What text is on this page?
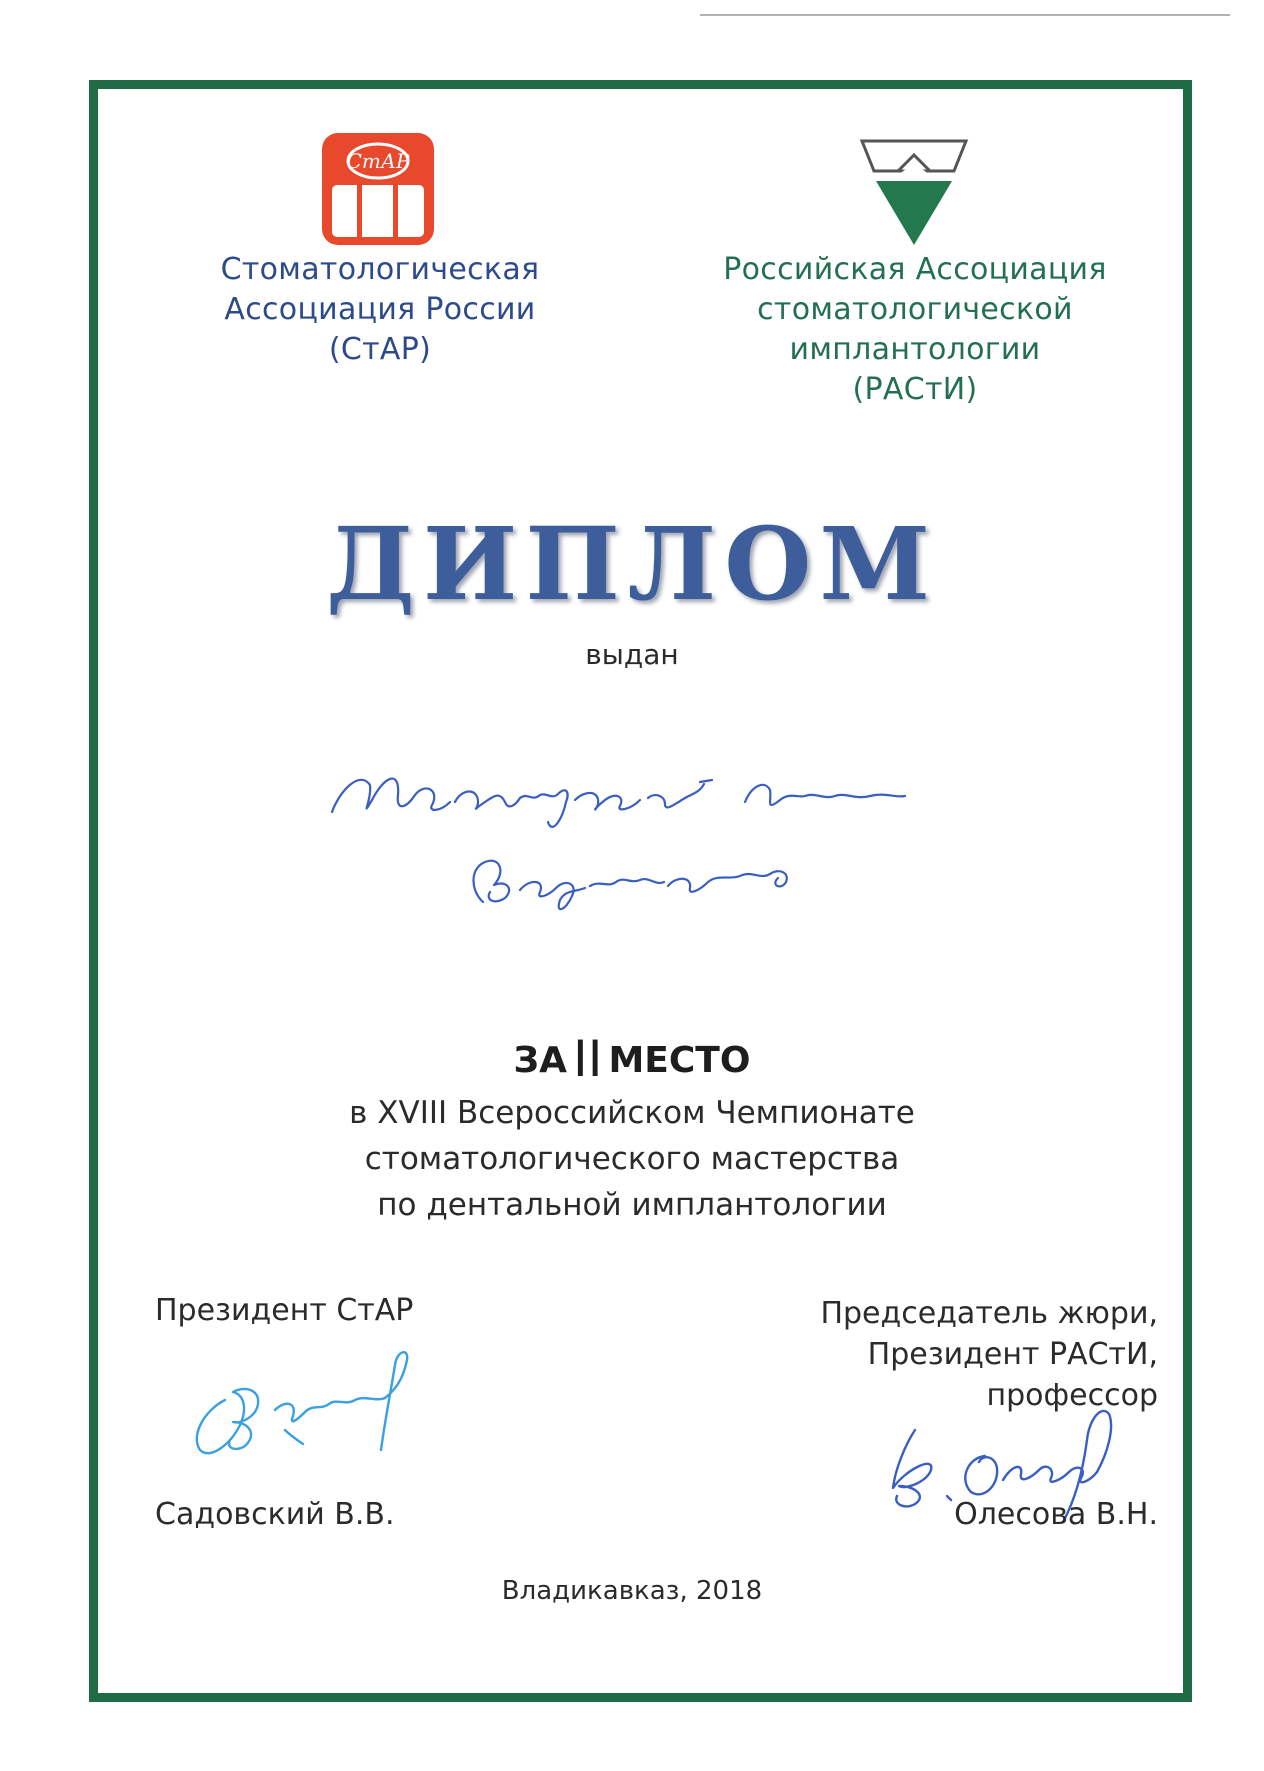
СтАР
Стоматологическая
Ассоциация России
(СтАР)
Российская Ассоциация
стоматологической
имплантологии
(РАСтИ)
ДИПЛОМ
выдан
ЗА II МЕСТО
в XVIII Всероссийском Чемпионате
стоматологического мастерства
по дентальной имплантологии
Президент СтАР
Садовский В.В.
Председатель жюри,
Президент РАСтИ,
профессор
Олесова В.Н.
Владикавказ, 2018
